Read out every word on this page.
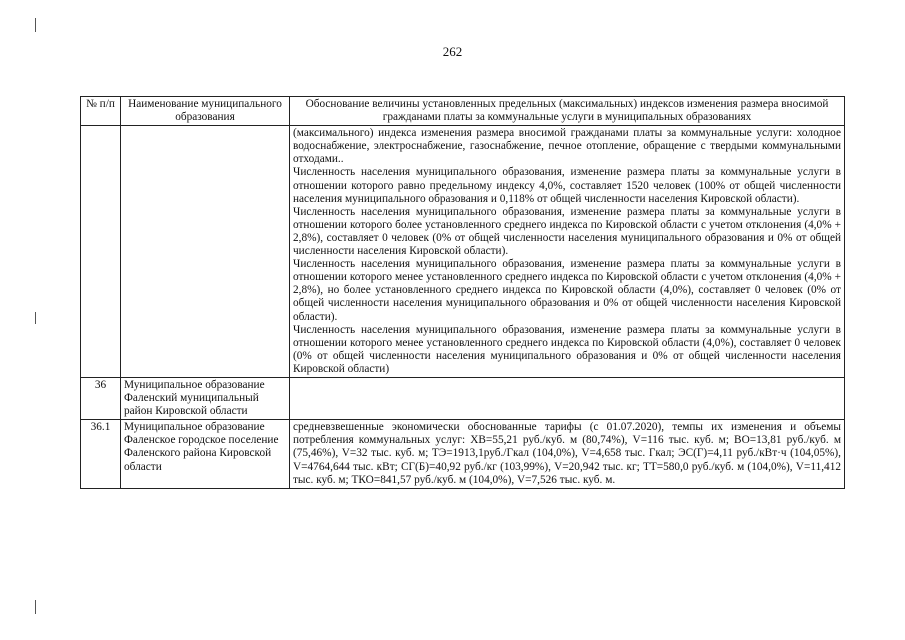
262
№ п/п	Наименование муниципального образования	Обоснование величины установленных предельных (максимальных) индексов изменения размера вносимой гражданами платы за коммунальные услуги в муниципальных образованиях

		(максимального) индекса изменения размера вносимой гражданами платы за коммунальные услуги: холодное водоснабжение, электроснабжение, газоснабжение, печное отопление, обращение с твердыми коммунальными отходами..

Численность населения муниципального образования, изменение размера платы за коммунальные услуги в отношении которого равно предельному индексу 4,0%, составляет 1520 человек (100% от общей численности населения муниципального образования и 0,118% от общей численности населения Кировской области).

Численность населения муниципального образования, изменение размера платы за коммунальные услуги в отношении которого более установленного среднего индекса по Кировской области с учетом отклонения (4,0% + 2,8%), составляет 0 человек (0% от общей численности населения муниципального образования и 0% от общей численности населения Кировской области).

Численность населения муниципального образования, изменение размера платы за коммунальные услуги в отношении которого менее установленного среднего индекса по Кировской области с учетом отклонения (4,0% + 2,8%), но более установленного среднего индекса по Кировской области (4,0%), составляет 0 человек (0% от общей численности населения муниципального образования и 0% от общей численности населения Кировской области).

Численность населения муниципального образования, изменение размера платы за коммунальные услуги в отношении которого менее установленного среднего индекса по Кировской области (4,0%), составляет 0 человек (0% от общей численности населения муниципального образования и 0% от общей численности населения Кировской области)

36	Муниципальное образование Фаленский муниципальный район Кировской области	
36.1	Муниципальное образование Фаленское городское поселение Фаленского района Кировской области	средневзвешенные экономически обоснованные тарифы (с 01.07.2020), темпы их изменения и объемы потребления коммунальных услуг: ХВ=55,21 руб./куб. м (80,74%), V=116 тыс. куб. м; ВО=13,81 руб./куб. м (75,46%), V=32 тыс. куб. м; ТЭ=1913,1руб./Гкал (104,0%), V=4,658 тыс. Гкал; ЭС(Г)=4,11 руб./кВт·ч (104,05%), V=4764,644 тыс. кВт; СГ(Б)=40,92 руб./кг (103,99%), V=20,942 тыс. кг; ТТ=580,0 руб./куб. м (104,0%), V=11,412 тыс. куб. м; ТКО=841,57 руб./куб. м (104,0%), V=7,526 тыс. куб. м.
